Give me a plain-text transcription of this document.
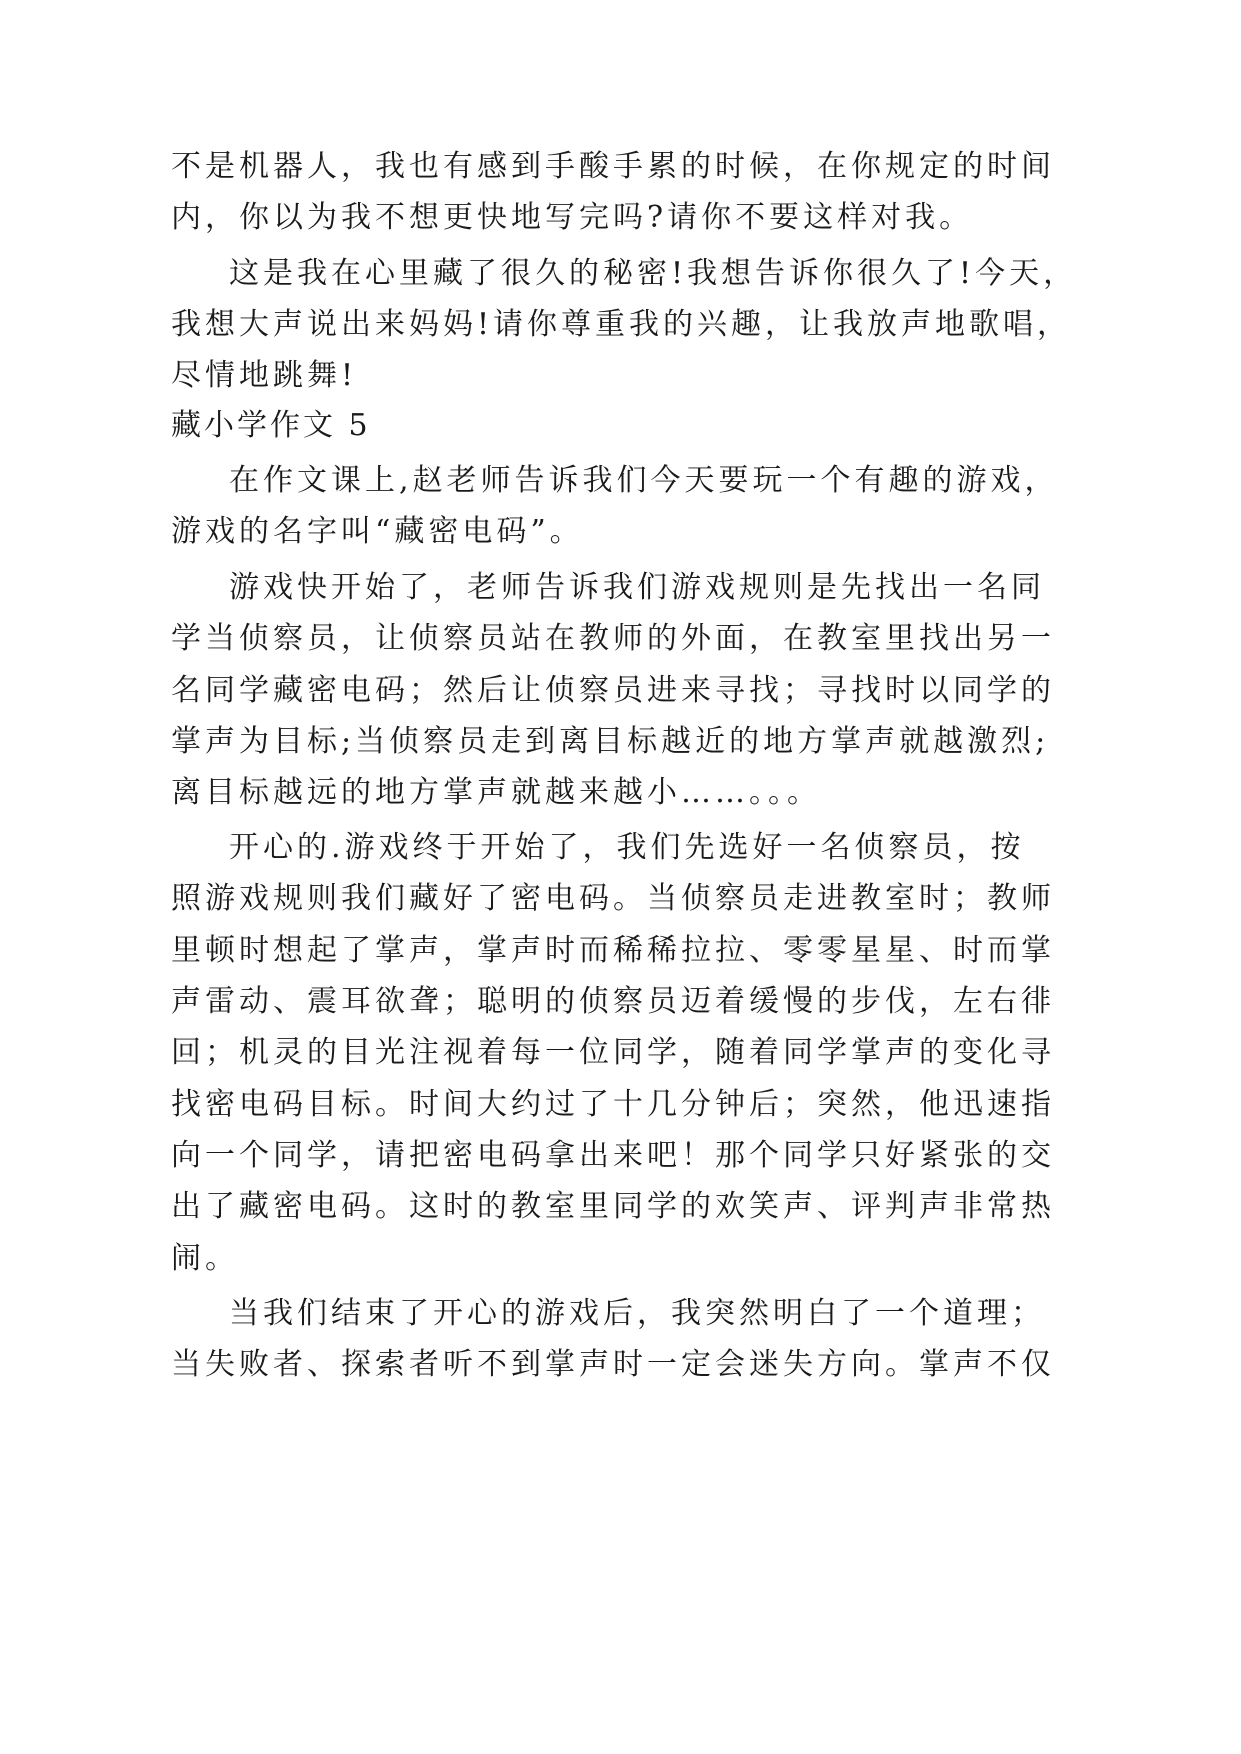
不是机器人，我也有感到手酸手累的时候，在你规定的时间
内，你以为我不想更快地写完吗?请你不要这样对我。
这是我在心里藏了很久的秘密!我想告诉你很久了!今天，
我想大声说出来妈妈!请你尊重我的兴趣，让我放声地歌唱，
尽情地跳舞!
藏小学作文 5
在作文课上,赵老师告诉我们今天要玩一个有趣的游戏，
游戏的名字叫“藏密电码”。
游戏快开始了，老师告诉我们游戏规则是先找出一名同
学当侦察员，让侦察员站在教师的外面，在教室里找出另一
名同学藏密电码；然后让侦察员进来寻找；寻找时以同学的
掌声为目标;当侦察员走到离目标越近的地方掌声就越激烈;
离目标越远的地方掌声就越来越小……。。。
开心的.游戏终于开始了，我们先选好一名侦察员，按
照游戏规则我们藏好了密电码。当侦察员走进教室时；教师
里顿时想起了掌声，掌声时而稀稀拉拉、零零星星、时而掌
声雷动、震耳欲聋；聪明的侦察员迈着缓慢的步伐，左右徘
回；机灵的目光注视着每一位同学，随着同学掌声的变化寻
找密电码目标。时间大约过了十几分钟后；突然，他迅速指
向一个同学，请把密电码拿出来吧！那个同学只好紧张的交
出了藏密电码。这时的教室里同学的欢笑声、评判声非常热
闹。
当我们结束了开心的游戏后，我突然明白了一个道理；
当失败者、探索者听不到掌声时一定会迷失方向。掌声不仅
